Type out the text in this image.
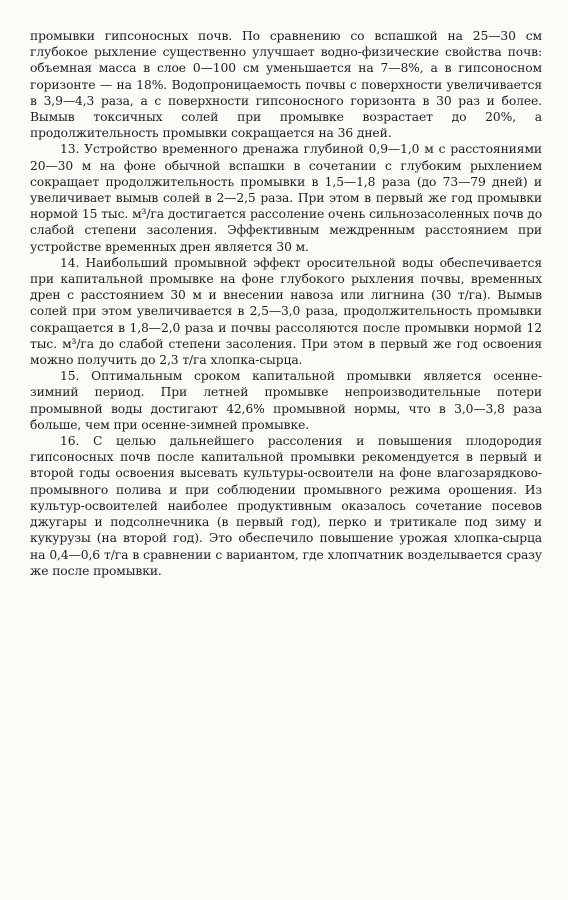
промывки гипсоносных почв. По сравнению со вспашкой на 25—30 см глубокое рыхление существенно улучшает водно-физические свойства почв: объемная масса в слое 0—100 см уменьшается на 7—8%, а в гипсоносном горизонте — на 18%. Водопроницаемость почвы с поверхности увеличивается в 3,9—4,3 раза, а с поверхности гипсоносного горизонта в 30 раз и более. Вымыв токсичных солей при промывке возрастает до 20%, а продолжительность промывки сокращается на 36 дней.

13. Устройство временного дренажа глубиной 0,9—1,0 м с расстояниями 20—30 м на фоне обычной вспашки в сочетании с глубоким рыхлением сокращает продолжительность промывки в 1,5—1,8 раза (до 73—79 дней) и увеличивает вымыв солей в 2—2,5 раза. При этом в первый же год промывки нормой 15 тыс. м³/га достигается рассоление очень сильнозасоленных почв до слабой степени засоления. Эффективным междренным расстоянием при устройстве временных дрен является 30 м.

14. Наибольший промывной эффект оросительной воды обеспечивается при капитальной промывке на фоне глубокого рыхления почвы, временных дрен с расстоянием 30 м и внесении навоза или лигнина (30 т/га). Вымыв солей при этом увеличивается в 2,5—3,0 раза, продолжительность промывки сокращается в 1,8—2,0 раза и почвы рассоляются после промывки нормой 12 тыс. м³/га до слабой степени засоления. При этом в первый же год освоения можно получить до 2,3 т/га хлопка-сырца.

15. Оптимальным сроком капитальной промывки является осенне-зимний период. При летней промывке непроизводительные потери промывной воды достигают 42,6% промывной нормы, что в 3,0—3,8 раза больше, чем при осенне-зимней промывке.

16. С целью дальнейшего рассоления и повышения плодородия гипсоносных почв после капитальной промывки рекомендуется в первый и второй годы освоения высевать культуры-освоители на фоне влагозарядково-промывного полива и при соблюдении промывного режима орошения. Из культур-освоителей наиболее продуктивным оказалось сочетание посевов джугары и подсолнечника (в первый год), перко и тритикале под зиму и кукурузы (на второй год). Это обеспечило повышение урожая хлопка-сырца на 0,4—0,6 т/га в сравнении с вариантом, где хлопчатник возделывается сразу же после промывки.
